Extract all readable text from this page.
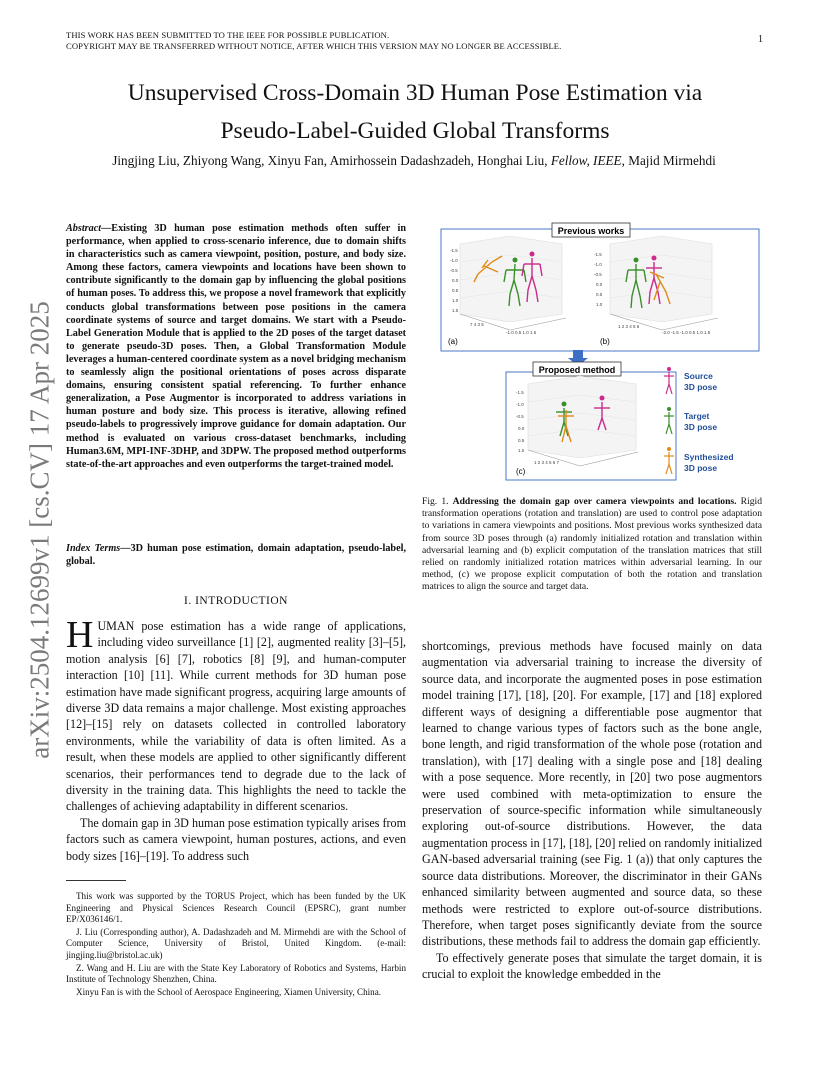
THIS WORK HAS BEEN SUBMITTED TO THE IEEE FOR POSSIBLE PUBLICATION.
COPYRIGHT MAY BE TRANSFERRED WITHOUT NOTICE, AFTER WHICH THIS VERSION MAY NO LONGER BE ACCESSIBLE.
1
arXiv:2504.12699v1 [cs.CV] 17 Apr 2025
Unsupervised Cross-Domain 3D Human Pose Estimation via
Pseudo-Label-Guided Global Transforms
Jingjing Liu, Zhiyong Wang, Xinyu Fan, Amirhossein Dadashzadeh, Honghai Liu, Fellow, IEEE, Majid Mirmehdi
Abstract—Existing 3D human pose estimation methods often suffer in performance, when applied to cross-scenario inference, due to domain shifts in characteristics such as camera viewpoint, position, posture, and body size. Among these factors, camera viewpoints and locations have been shown to contribute significantly to the domain gap by influencing the global positions of human poses. To address this, we propose a novel framework that explicitly conducts global transformations between pose positions in the camera coordinate systems of source and target domains. We start with a Pseudo-Label Generation Module that is applied to the 2D poses of the target dataset to generate pseudo-3D poses. Then, a Global Transformation Module leverages a human-centered coordinate system as a novel bridging mechanism to seamlessly align the positional orientations of poses across disparate domains, ensuring consistent spatial referencing. To further enhance generalization, a Pose Augmentor is incorporated to address variations in human posture and body size. This process is iterative, allowing refined pseudo-labels to progressively improve guidance for domain adaptation. Our method is evaluated on various cross-dataset benchmarks, including Human3.6M, MPI-INF-3DHP, and 3DPW. The proposed method outperforms state-of-the-art approaches and even outperforms the target-trained model.
Index Terms—3D human pose estimation, domain adaptation, pseudo-label, global.
I. INTRODUCTION

HUMAN pose estimation has a wide range of applications, including video surveillance [1] [2], augmented reality [3]–[5], motion analysis [6] [7], robotics [8] [9], and human-computer interaction [10] [11]. While current methods for 3D human pose estimation have made significant progress, acquiring large amounts of diverse 3D data remains a major challenge. Most existing approaches [12]–[15] rely on datasets collected in controlled laboratory environments, while the variability of data is often limited. As a result, when these models are applied to other significantly different scenarios, their performances tend to degrade due to the lack of diversity in the training data. This highlights the need to tackle the challenges of achieving adaptability in different scenarios.

The domain gap in 3D human pose estimation typically arises from factors such as camera viewpoint, human postures, actions, and even body sizes [16]–[19]. To address such

This work was supported by the TORUS Project, which has been funded by the UK Engineering and Physical Sciences Research Council (EPSRC), grant number EP/X036146/1.

J. Liu (Corresponding author), A. Dadashzadeh and M. Mirmehdi are with the School of Computer Science, University of Bristol, United Kingdom. (e-mail: jingjing.liu@bristol.ac.uk)

Z. Wang and H. Liu are with the State Key Laboratory of Robotics and Systems, Harbin Institute of Technology Shenzhen, China.

Xinyu Fan is with the School of Aerospace Engineering, Xiamen University, China.

Previous works
-1.5
-1.0
-0.5
0.0
0.5
1.0
1.5
7 4 3 5
-1.0 0.5 1.0 1.5
(a)
-1.5
-1.0
-0.5
0.0
0.5
1.0
1 2 3 4 5 6
-2.0 -1.5 -1.0 0.5 1.0 1.5
(b)
Proposed method
-1.5
-1.0
-0.5
0.0
0.5
1.0
1 2 3 4 5 6 7
(c)
Source
3D pose
Target
3D pose
Synthesized
3D pose
Fig. 1. Addressing the domain gap over camera viewpoints and locations. Rigid transformation operations (rotation and translation) are used to control pose adaptation to variations in camera viewpoints and positions. Most previous works synthesized data from source 3D poses through (a) randomly initialized rotation and translation within adversarial learning and (b) explicit computation of the translation matrices that still relied on randomly initialized rotation matrices within adversarial learning. In our method, (c) we propose explicit computation of both the rotation and translation matrices to align the source and target data.

shortcomings, previous methods have focused mainly on data augmentation via adversarial training to increase the diversity of source data, and incorporate the augmented poses in pose estimation model training [17], [18], [20]. For example, [17] and [18] explored different ways of designing a differentiable pose augmentor that learned to change various types of factors such as the bone angle, bone length, and rigid transformation of the whole pose (rotation and translation), with [17] dealing with a single pose and [18] dealing with a pose sequence. More recently, in [20] two pose augmentors were used combined with meta-optimization to ensure the preservation of source-specific information while simultaneously exploring out-of-source distributions. However, the data augmentation process in [17], [18], [20] relied on randomly initialized GAN-based adversarial training (see Fig. 1 (a)) that only captures the source data distributions. Moreover, the discriminator in their GANs enhanced similarity between augmented and source data, so these methods were restricted to explore out-of-source distributions. Therefore, when target poses significantly deviate from the source distributions, these methods fail to address the domain gap efficiently.

To effectively generate poses that simulate the target domain, it is crucial to exploit the knowledge embedded in the
